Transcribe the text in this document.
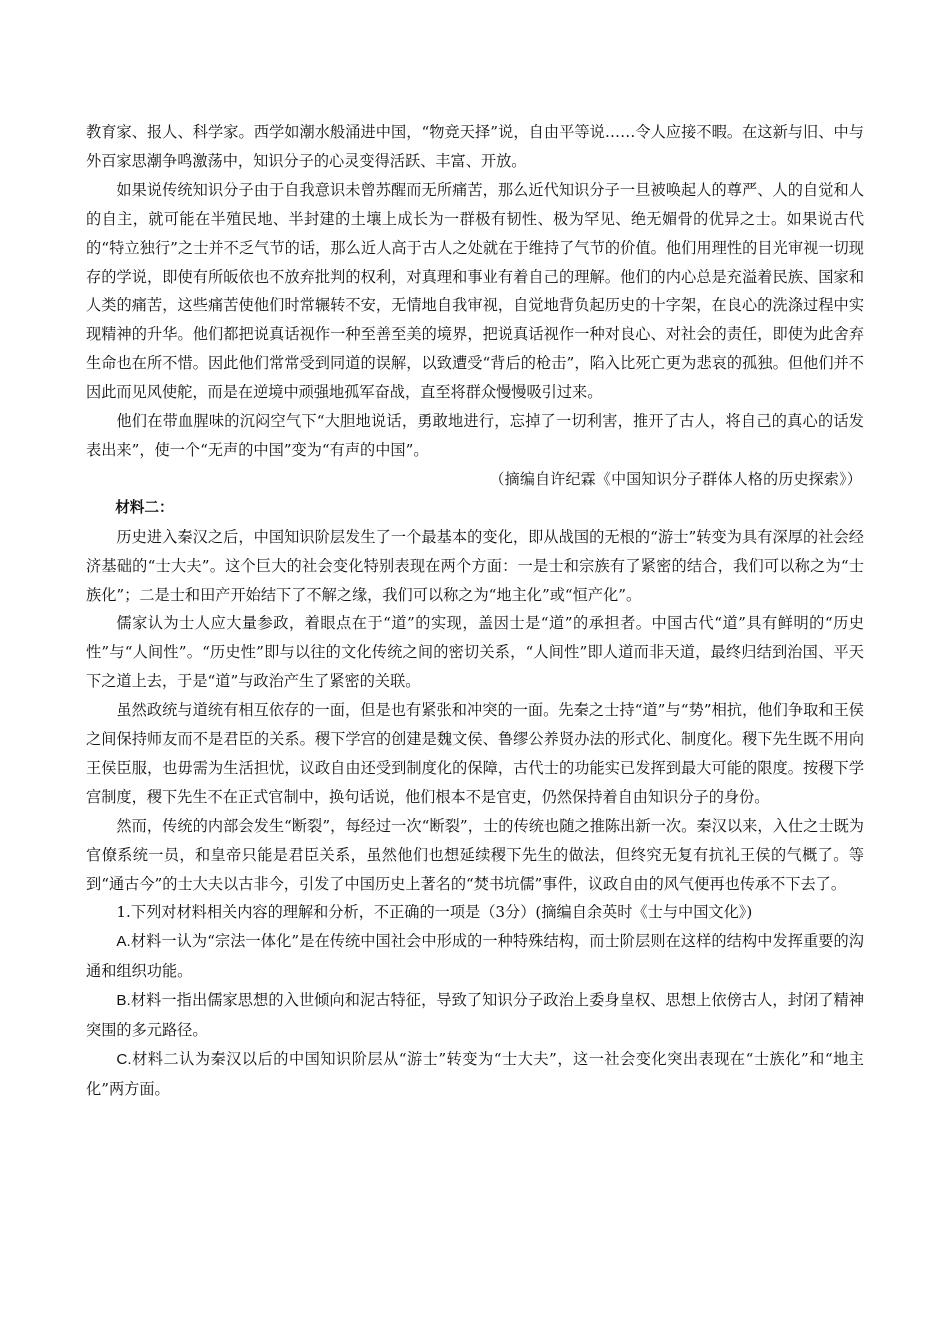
教育家、报人、科学家。西学如潮水般涌进中国，“物竞天择”说，自由平等说……令人应接不暇。在这新与旧、中与外百家思潮争鸣激荡中，知识分子的心灵变得活跃、丰富、开放。

如果说传统知识分子由于自我意识未曾苏醒而无所痛苦，那么近代知识分子一旦被唤起人的尊严、人的自觉和人的自主，就可能在半殖民地、半封建的土壤上成长为一群极有韧性、极为罕见、绝无媚骨的优异之士。如果说古代的“特立独行”之士并不乏气节的话，那么近人高于古人之处就在于维持了气节的价值。他们用理性的目光审视一切现存的学说，即使有所皈依也不放弃批判的权利，对真理和事业有着自己的理解。他们的内心总是充溢着民族、国家和人类的痛苦，这些痛苦使他们时常辗转不安，无情地自我审视，自觉地背负起历史的十字架，在良心的洗涤过程中实现精神的升华。他们都把说真话视作一种至善至美的境界，把说真话视作一种对良心、对社会的责任，即使为此舍弃生命也在所不惜。因此他们常常受到同道的误解，以致遭受“背后的枪击”，陷入比死亡更为悲哀的孤独。但他们并不因此而见风使舵，而是在逆境中顽强地孤军奋战，直至将群众慢慢吸引过来。

他们在带血腥味的沉闷空气下“大胆地说话，勇敢地进行，忘掉了一切利害，推开了古人，将自己的真心的话发表出来”，使一个“无声的中国”变为“有声的中国”。

（摘编自许纪霖《中国知识分子群体人格的历史探索》）

材料二：

历史进入秦汉之后，中国知识阶层发生了一个最基本的变化，即从战国的无根的“游士”转变为具有深厚的社会经济基础的“士大夫”。这个巨大的社会变化特别表现在两个方面：一是士和宗族有了紧密的结合，我们可以称之为“士族化”；二是士和田产开始结下了不解之缘，我们可以称之为“地主化”或“恒产化”。

儒家认为士人应大量参政，着眼点在于“道”的实现，盖因士是“道”的承担者。中国古代“道”具有鲜明的“历史性”与“人间性”。“历史性”即与以往的文化传统之间的密切关系，“人间性”即人道而非天道，最终归结到治国、平天下之道上去，于是“道”与政治产生了紧密的关联。

虽然政统与道统有相互依存的一面，但是也有紧张和冲突的一面。先秦之士持“道”与“势”相抗，他们争取和王侯之间保持师友而不是君臣的关系。稷下学宫的创建是魏文侯、鲁缪公养贤办法的形式化、制度化。稷下先生既不用向王侯臣服，也毋需为生活担忧，议政自由还受到制度化的保障，古代士的功能实已发挥到最大可能的限度。按稷下学宫制度，稷下先生不在正式官制中，换句话说，他们根本不是官吏，仍然保持着自由知识分子的身份。

然而，传统的内部会发生“断裂”，每经过一次“断裂”，士的传统也随之推陈出新一次。秦汉以来，入仕之士既为官僚系统一员，和皇帝只能是君臣关系，虽然他们也想延续稷下先生的做法，但终究无复有抗礼王侯的气概了。等到“通古今”的士大夫以古非今，引发了中国历史上著名的“焚书坑儒”事件，议政自由的风气便再也传承不下去了。

1.下列对材料相关内容的理解和分析，不正确的一项是（3分）(摘编自余英时《士与中国文化》)

A.材料一认为“宗法一体化”是在传统中国社会中形成的一种特殊结构，而士阶层则在这样的结构中发挥重要的沟通和组织功能。

B.材料一指出儒家思想的入世倾向和泥古特征，导致了知识分子政治上委身皇权、思想上依傍古人，封闭了精神突围的多元路径。

C.材料二认为秦汉以后的中国知识阶层从“游士”转变为“士大夫”，这一社会变化突出表现在“士族化”和“地主化”两方面。
